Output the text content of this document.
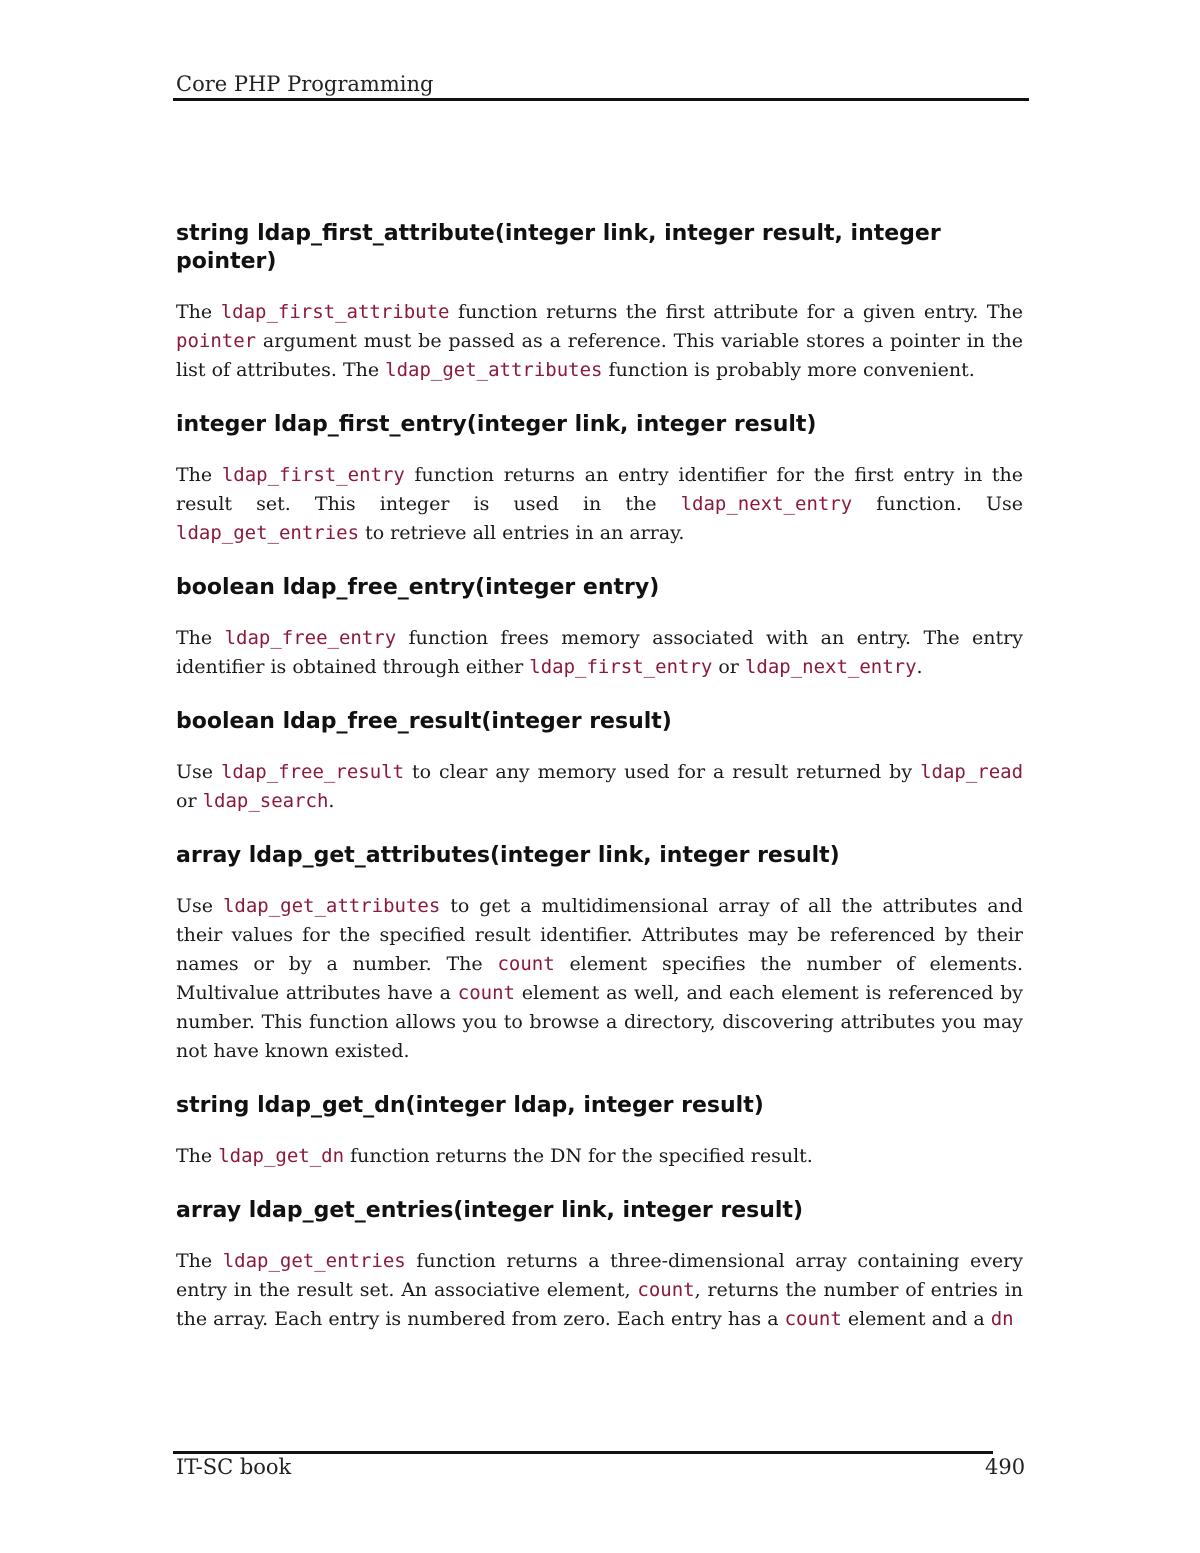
Core PHP Programming
string ldap_first_attribute(integer link, integer result, integer pointer)

The ldap_first_attribute function returns the first attribute for a given entry. The pointer argument must be passed as a reference. This variable stores a pointer in the list of attributes. The ldap_get_attributes function is probably more convenient.

integer ldap_first_entry(integer link, integer result)

The ldap_first_entry function returns an entry identifier for the first entry in the result set. This integer is used in the ldap_next_entry function. Use ldap_get_entries to retrieve all entries in an array.

boolean ldap_free_entry(integer entry)

The ldap_free_entry function frees memory associated with an entry. The entry identifier is obtained through either ldap_first_entry or ldap_next_entry.

boolean ldap_free_result(integer result)

Use ldap_free_result to clear any memory used for a result returned by ldap_read or ldap_search.

array ldap_get_attributes(integer link, integer result)

Use ldap_get_attributes to get a multidimensional array of all the attributes and their values for the specified result identifier. Attributes may be referenced by their names or by a number. The count element specifies the number of elements. Multivalue attributes have a count element as well, and each element is referenced by number. This function allows you to browse a directory, discovering attributes you may not have known existed.

string ldap_get_dn(integer ldap, integer result)

The ldap_get_dn function returns the DN for the specified result.

array ldap_get_entries(integer link, integer result)

The ldap_get_entries function returns a three-dimensional array containing every entry in the result set. An associative element, count, returns the number of entries in the array. Each entry is numbered from zero. Each entry has a count element and a dn

IT-SC book	490
